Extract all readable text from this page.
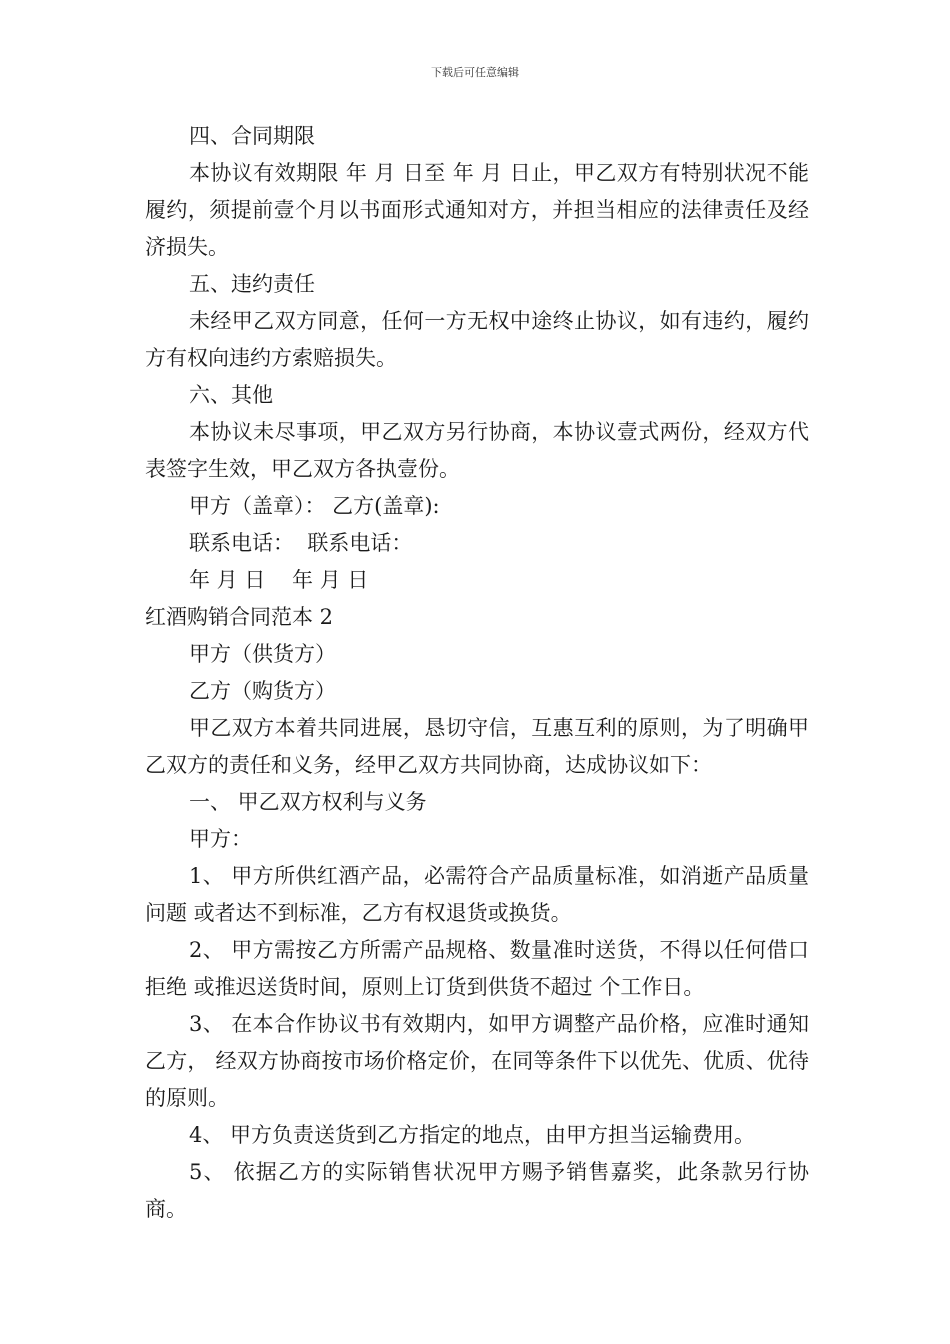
下载后可任意编辑

四、合同期限

本协议有效期限 年 月 日至 年 月 日止，甲乙双方有特别状况不能履约，须提前壹个月以书面形式通知对方，并担当相应的法律责任及经济损失。

五、违约责任

未经甲乙双方同意，任何一方无权中途终止协议，如有违约，履约方有权向违约方索赔损失。

六、其他

本协议未尽事项，甲乙双方另行协商，本协议壹式两份，经双方代表签字生效，甲乙双方各执壹份。

甲方（盖章）： 乙方(盖章):

联系电话：  联系电话：

年 月 日    年 月 日

红酒购销合同范本 2

甲方（供货方）

乙方（购货方）

甲乙双方本着共同进展，恳切守信，互惠互利的原则，为了明确甲乙双方的责任和义务，经甲乙双方共同协商，达成协议如下：

一、 甲乙双方权利与义务

甲方：

1、 甲方所供红酒产品，必需符合产品质量标准，如消逝产品质量问题 或者达不到标准，乙方有权退货或换货。

2、 甲方需按乙方所需产品规格、数量准时送货，不得以任何借口拒绝 或推迟送货时间，原则上订货到供货不超过 个工作日。

3、 在本合作协议书有效期内，如甲方调整产品价格，应准时通知乙方， 经双方协商按市场价格定价，在同等条件下以优先、优质、优待的原则。

4、 甲方负责送货到乙方指定的地点，由甲方担当运输费用。

5、 依据乙方的实际销售状况甲方赐予销售嘉奖，此条款另行协商。
